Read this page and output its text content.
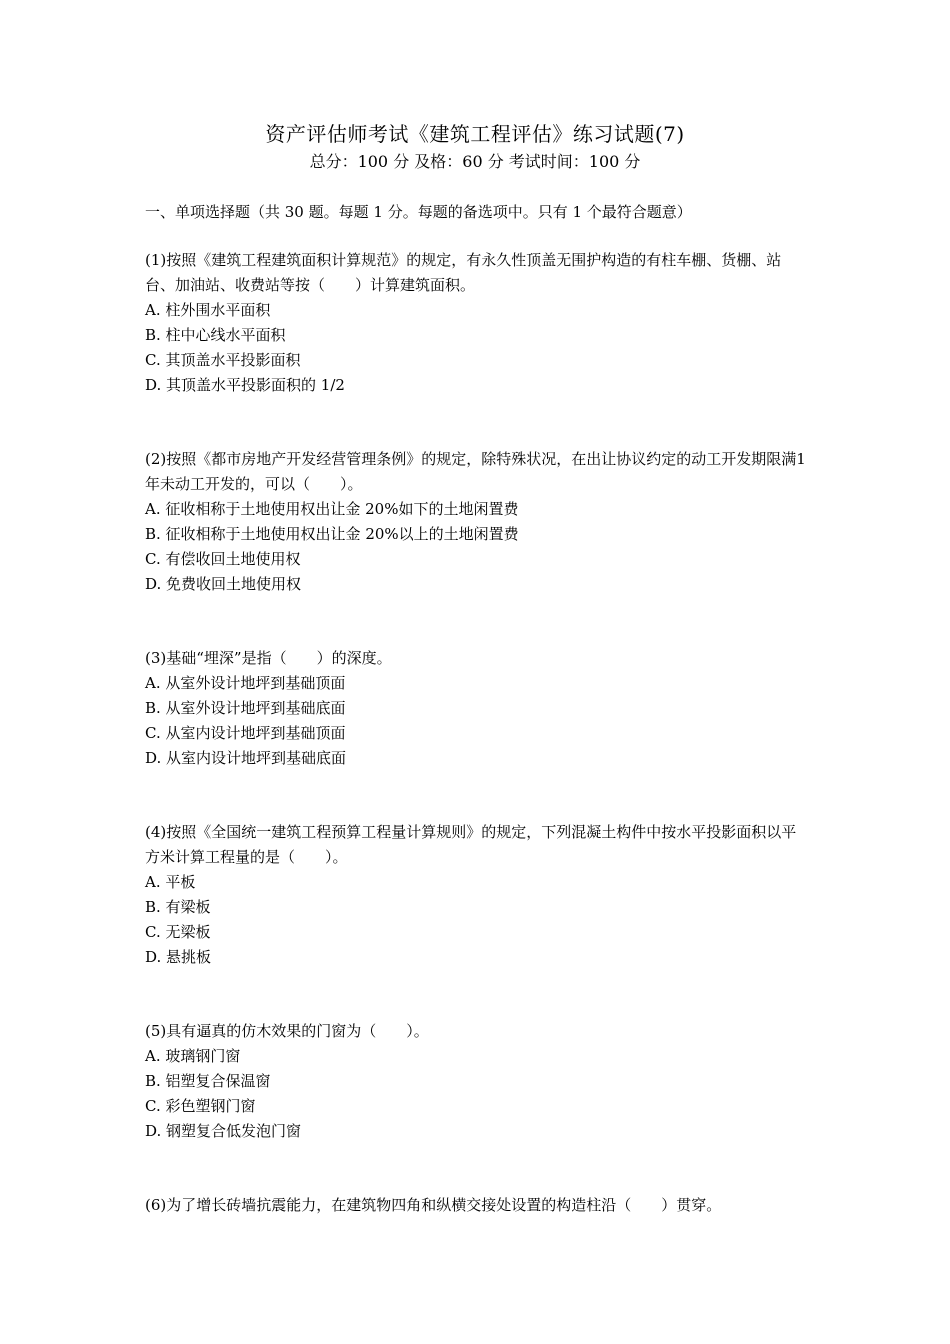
资产评估师考试《建筑工程评估》练习试题(7)
总分：100 分 及格：60 分 考试时间：100 分
一、单项选择题（共 30 题。每题 1 分。每题的备选项中。只有 1 个最符合题意）

(1)按照《建筑工程建筑面积计算规范》的规定，有永久性顶盖无围护构造的有柱车棚、货棚、站台、加油站、收费站等按（　　）计算建筑面积。

A. 柱外围水平面积

B. 柱中心线水平面积

C. 其顶盖水平投影面积

D. 其顶盖水平投影面积的 1/2

(2)按照《都市房地产开发经营管理条例》的规定，除特殊状况，在出让协议约定的动工开发期限满1年未动工开发的，可以（　　）。

A. 征收相称于土地使用权出让金 20%如下的土地闲置费

B. 征收相称于土地使用权出让金 20%以上的土地闲置费

C. 有偿收回土地使用权

D. 免费收回土地使用权

(3)基础“埋深”是指（　　）的深度。

A. 从室外设计地坪到基础顶面

B. 从室外设计地坪到基础底面

C. 从室内设计地坪到基础顶面

D. 从室内设计地坪到基础底面

(4)按照《全国统一建筑工程预算工程量计算规则》的规定，下列混凝土构件中按水平投影面积以平方米计算工程量的是（　　）。

A. 平板

B. 有梁板

C. 无梁板

D. 悬挑板

(5)具有逼真的仿木效果的门窗为（　　）。

A. 玻璃钢门窗

B. 铝塑复合保温窗

C. 彩色塑钢门窗

D. 钢塑复合低发泡门窗

(6)为了增长砖墙抗震能力，在建筑物四角和纵横交接处设置的构造柱沿（　　）贯穿。
